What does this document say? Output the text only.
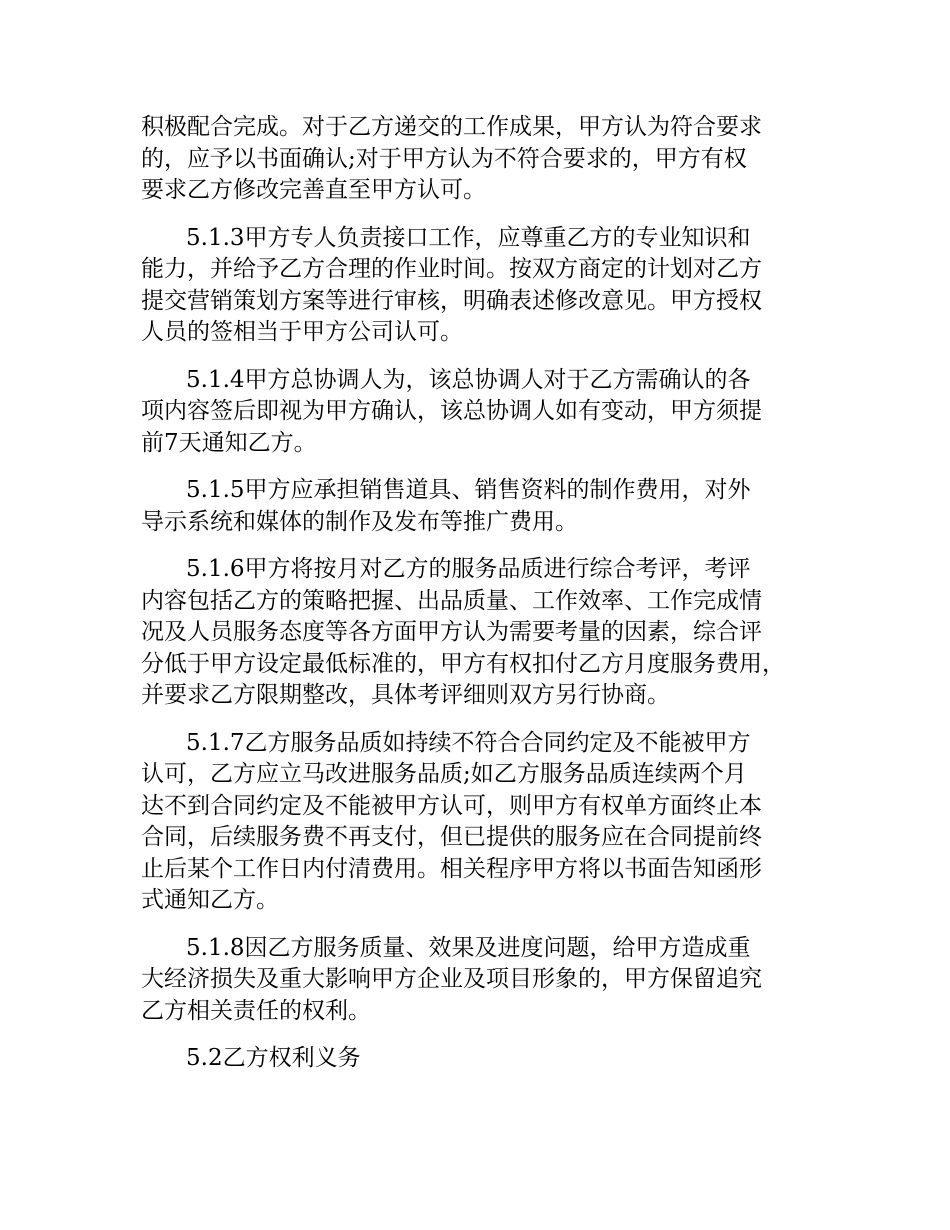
积极配合完成。对于乙方递交的工作成果，甲方认为符合要求
的，应予以书面确认;对于甲方认为不符合要求的，甲方有权
要求乙方修改完善直至甲方认可。

5.1.3甲方专人负责接口工作，应尊重乙方的专业知识和
能力，并给予乙方合理的作业时间。按双方商定的计划对乙方
提交营销策划方案等进行审核，明确表述修改意见。甲方授权
人员的签相当于甲方公司认可。

5.1.4甲方总协调人为，该总协调人对于乙方需确认的各
项内容签后即视为甲方确认，该总协调人如有变动，甲方须提
前7天通知乙方。

5.1.5甲方应承担销售道具、销售资料的制作费用，对外
导示系统和媒体的制作及发布等推广费用。

5.1.6甲方将按月对乙方的服务品质进行综合考评，考评
内容包括乙方的策略把握、出品质量、工作效率、工作完成情
况及人员服务态度等各方面甲方认为需要考量的因素，综合评
分低于甲方设定最低标准的，甲方有权扣付乙方月度服务费用，
并要求乙方限期整改，具体考评细则双方另行协商。

5.1.7乙方服务品质如持续不符合合同约定及不能被甲方
认可，乙方应立马改进服务品质;如乙方服务品质连续两个月
达不到合同约定及不能被甲方认可，则甲方有权单方面终止本
合同，后续服务费不再支付，但已提供的服务应在合同提前终
止后某个工作日内付清费用。相关程序甲方将以书面告知函形
式通知乙方。

5.1.8因乙方服务质量、效果及进度问题，给甲方造成重
大经济损失及重大影响甲方企业及项目形象的，甲方保留追究
乙方相关责任的权利。

5.2乙方权利义务
